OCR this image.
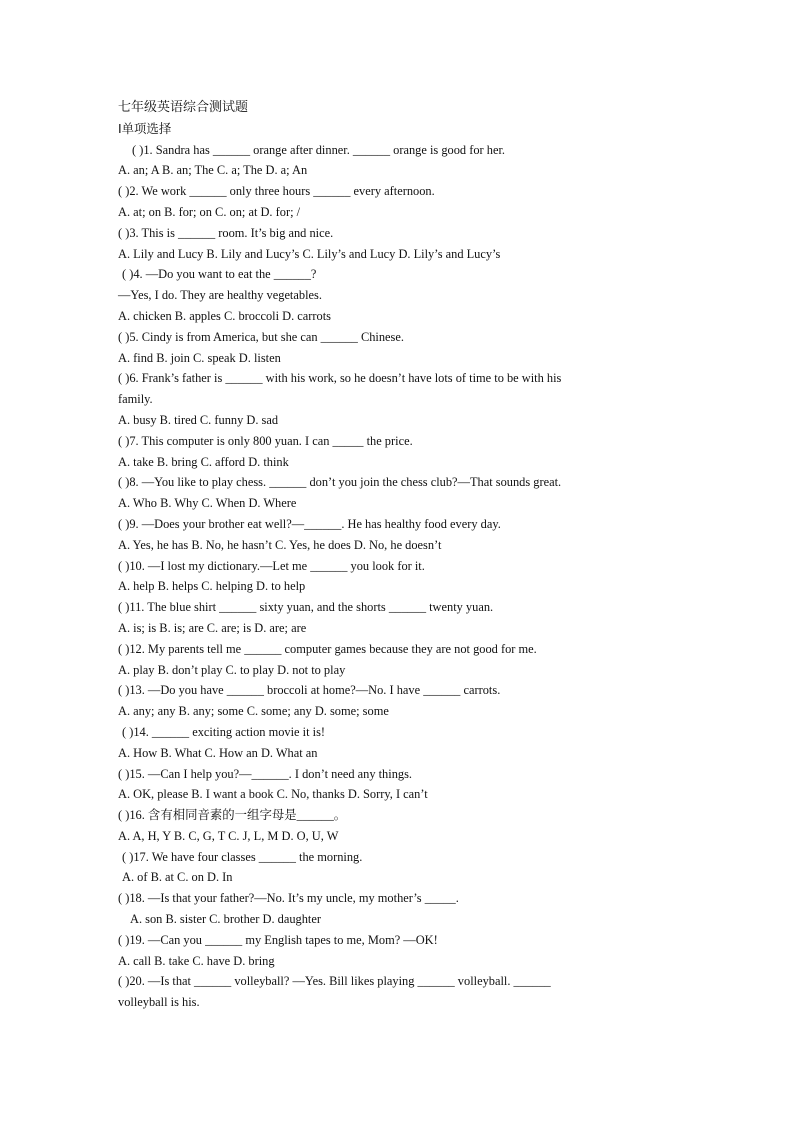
七年级英语综合测试题
Ⅰ单项选择
( )1. Sandra has ______ orange after dinner. ______ orange is good for her.
A. an; A B. an; The C. a; The D. a; An
( )2. We work ______ only three hours ______ every afternoon.
A. at; on B. for; on C. on; at D. for; /
( )3. This is ______ room. It’s big and nice.
A. Lily and Lucy B. Lily and Lucy’s C. Lily’s and Lucy D. Lily’s and Lucy’s
( )4. —Do you want to eat the ______?
—Yes, I do. They are healthy vegetables.
A. chicken B. apples C. broccoli D. carrots
( )5. Cindy is from America, but she can ______ Chinese.
A. find B. join C. speak D. listen
( )6. Frank’s father is ______ with his work, so he doesn’t have lots of time to be with his
family.
A. busy B. tired C. funny D. sad
( )7. This computer is only 800 yuan. I can _____ the price.
A. take B. bring C. afford D. think
( )8. —You like to play chess. ______ don’t you join the chess club?—That sounds great.
A. Who B. Why C. When D. Where
( )9. —Does your brother eat well?—______. He has healthy food every day.
A. Yes, he has B. No, he hasn’t C. Yes, he does D. No, he doesn’t
( )10. —I lost my dictionary.—Let me ______ you look for it.
A. help B. helps C. helping D. to help
( )11. The blue shirt ______ sixty yuan, and the shorts ______ twenty yuan.
A. is; is B. is; are C. are; is D. are; are
( )12. My parents tell me ______ computer games because they are not good for me.
A. play B. don’t play C. to play D. not to play
( )13. —Do you have ______ broccoli at home?—No. I have ______ carrots.
A. any; any B. any; some C. some; any D. some; some
( )14. ______ exciting action movie it is!
A. How B. What C. How an D. What an
( )15. —Can I help you?—______. I don’t need any things.
A. OK, please B. I want a book C. No, thanks D. Sorry, I can’t
( )16. 含有相同音素的一组字母是______。
A. A, H, Y B. C, G, T C. J, L, M D. O, U, W
( )17. We have four classes ______ the morning.
A. of B. at C. on D. In
( )18. —Is that your father?—No. It’s my uncle, my mother’s _____.
A. son B. sister C. brother D. daughter
( )19. —Can you ______ my English tapes to me, Mom? —OK!
A. call B. take C. have D. bring
( )20. —Is that ______ volleyball? —Yes. Bill likes playing ______ volleyball. ______
volleyball is his.
